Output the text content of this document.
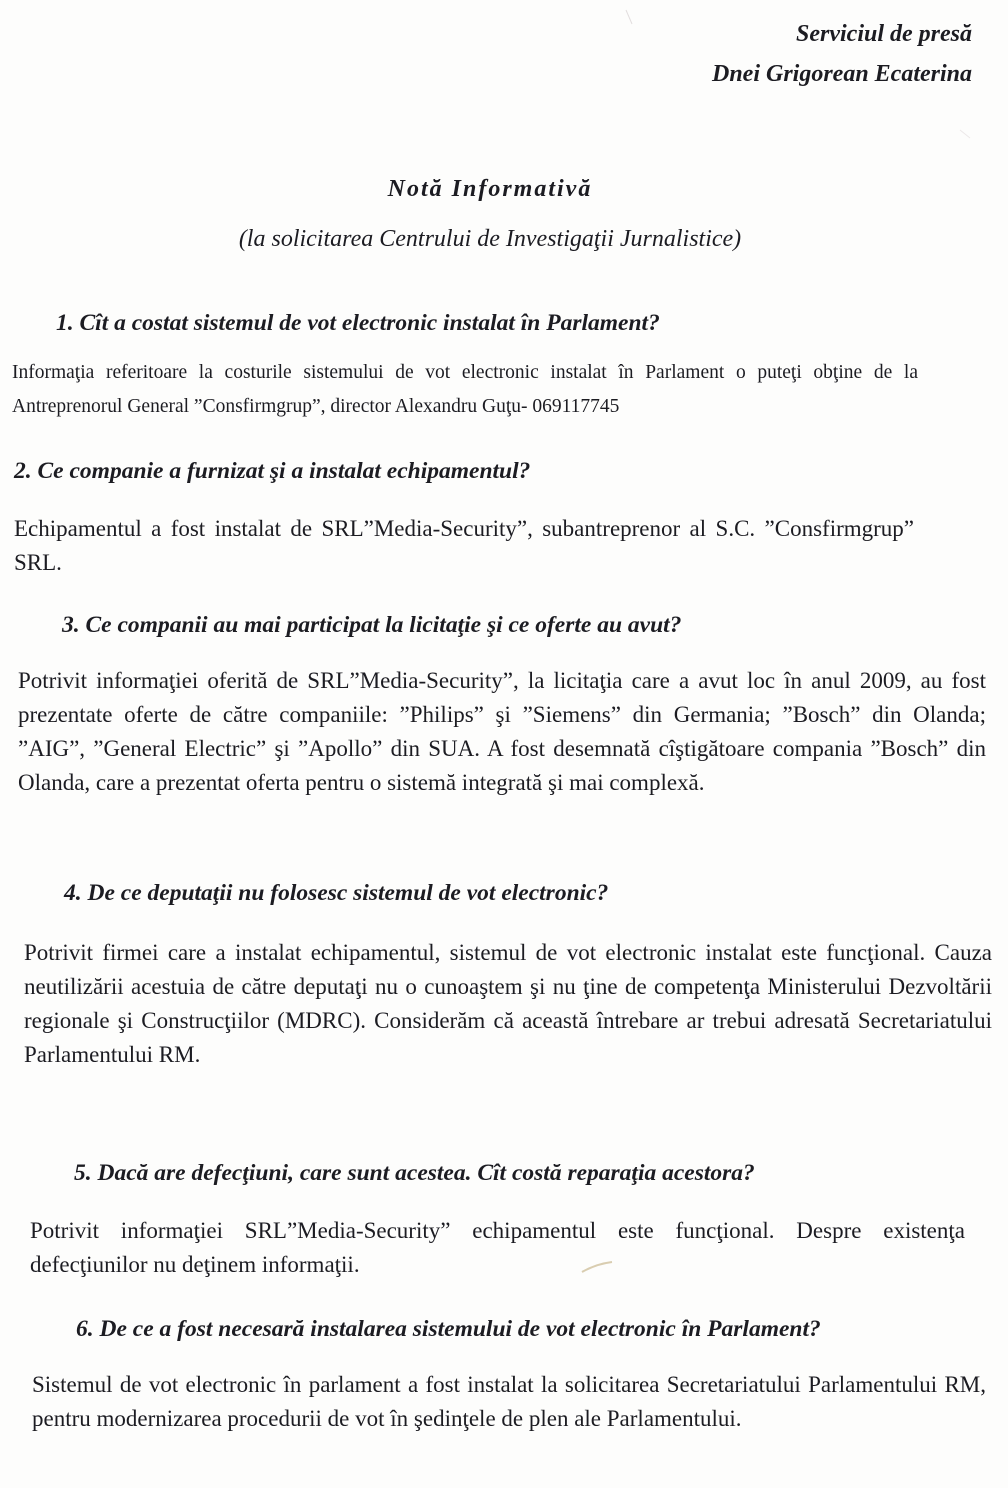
Serviciul de presă
Dnei Grigorean Ecaterina
Notă Informativă
(la solicitarea Centrului de Investigaţii Jurnalistice)
1. Cît a costat sistemul de vot electronic instalat în Parlament?
Informaţia referitoare la costurile sistemului de vot electronic instalat în Parlament o puteţi obţine de la Antreprenorul General ”Consfirmgrup”, director Alexandru Guţu- 069117745
2. Ce companie a furnizat şi a instalat echipamentul?
Echipamentul a fost instalat de SRL”Media-Security”, subantreprenor al S.C. ”Consfirmgrup” SRL.
3. Ce companii au mai participat la licitaţie şi ce oferte au avut?
Potrivit informaţiei oferită de SRL”Media-Security”, la licitaţia care a avut loc în anul 2009, au fost prezentate oferte de către companiile: ”Philips” şi ”Siemens” din Germania; ”Bosch” din Olanda; ”AIG”, ”General Electric” şi ”Apollo” din SUA. A fost desemnată cîştigătoare compania ”Bosch” din Olanda, care a prezentat oferta pentru o sistemă integrată şi mai complexă.
4. De ce deputaţii nu folosesc sistemul de vot electronic?
Potrivit firmei care a instalat echipamentul, sistemul de vot electronic instalat este funcţional. Cauza neutilizării acestuia de către deputaţi nu o cunoaştem şi nu ţine de competenţa Ministerului Dezvoltării regionale şi Construcţiilor (MDRC). Considerăm că această întrebare ar trebui adresată Secretariatului Parlamentului RM.
5. Dacă are defecţiuni, care sunt acestea. Cît costă reparaţia acestora?
Potrivit informaţiei SRL”Media-Security” echipamentul este funcţional. Despre existenţa defecţiunilor nu deţinem informaţii.
6. De ce a fost necesară instalarea sistemului de vot electronic în Parlament?
Sistemul de vot electronic în parlament a fost instalat la solicitarea Secretariatului Parlamentului RM, pentru modernizarea procedurii de vot în şedinţele de plen ale Parlamentului.
